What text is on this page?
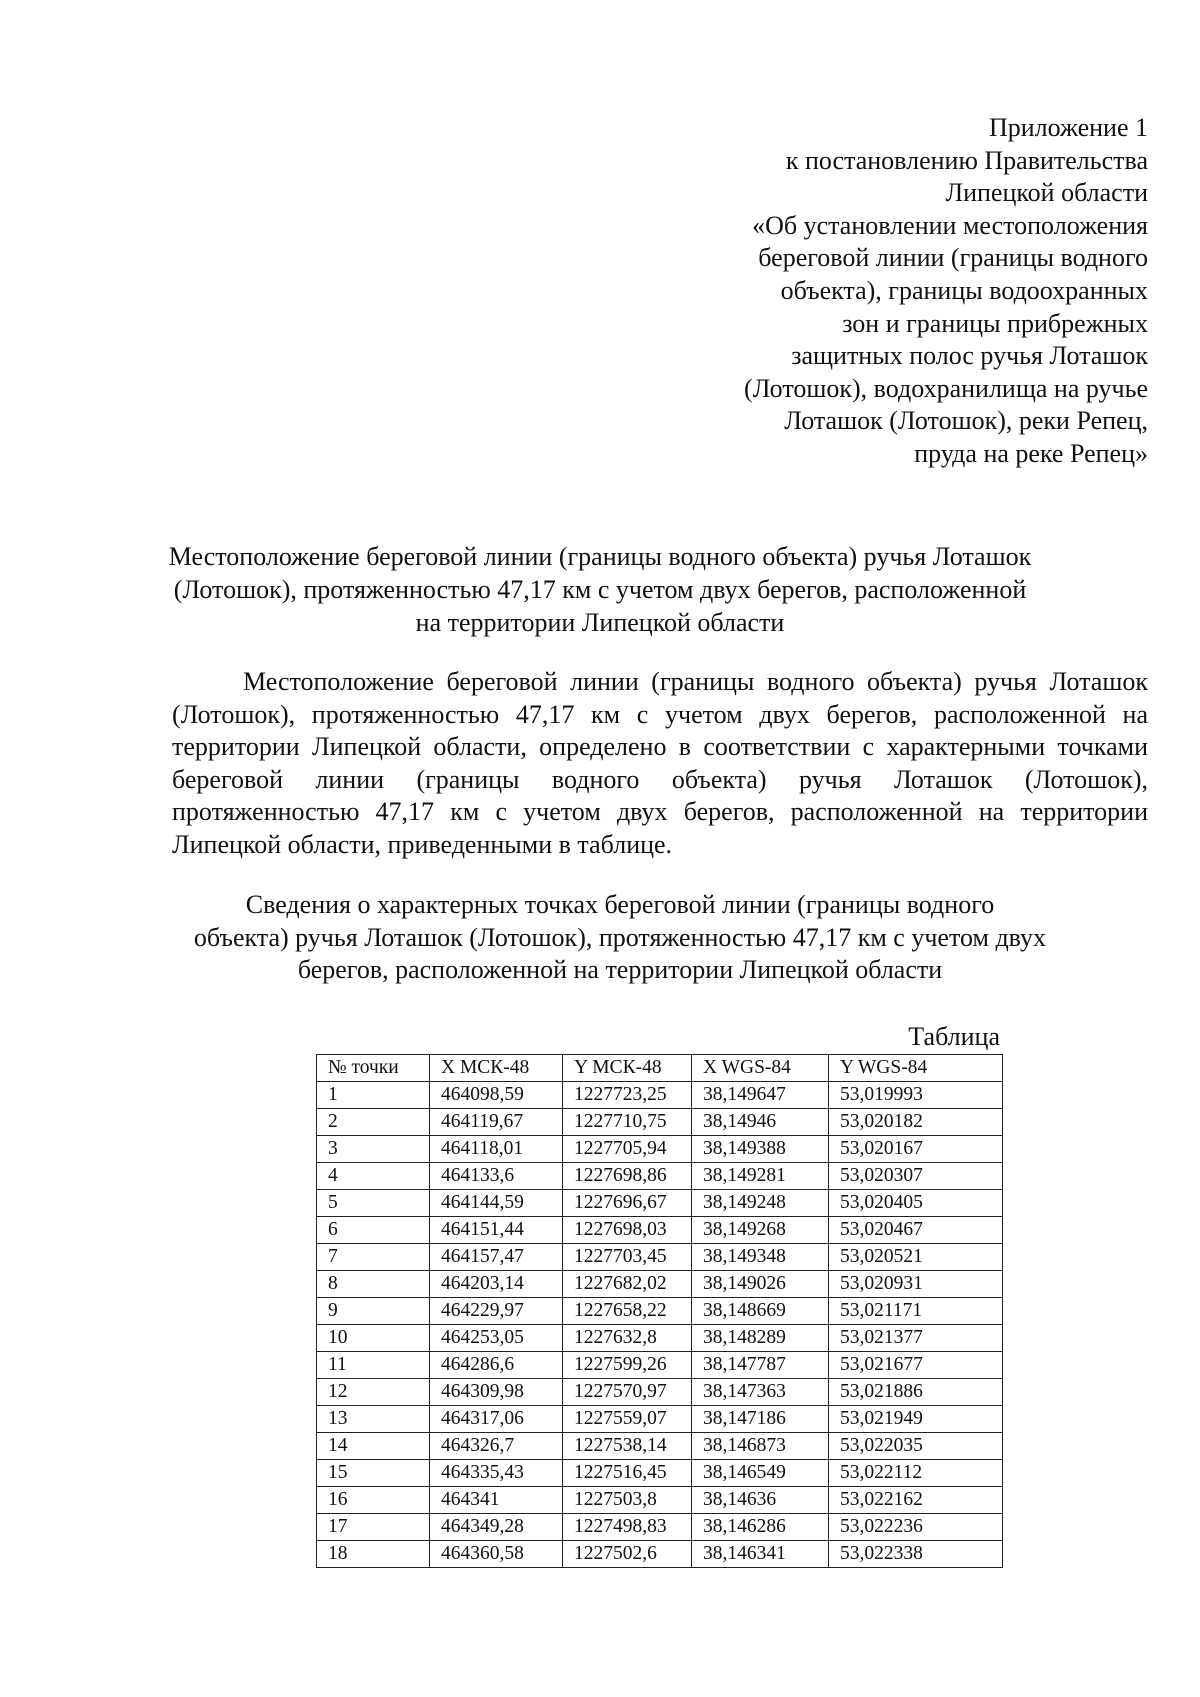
Приложение 1
к постановлению Правительства
Липецкой области
«Об установлении местоположения
береговой линии (границы водного
объекта), границы водоохранных
зон и границы прибрежных
защитных полос ручья Лоташок
(Лотошок), водохранилища на ручье
Лоташок (Лотошок), реки Репец,
пруда на реке Репец»
Местоположение береговой линии (границы водного объекта) ручья Лоташок
(Лотошок), протяженностью 47,17 км с учетом двух берегов, расположенной
на территории Липецкой области
Местоположение береговой линии (границы водного объекта) ручья Лоташок (Лотошок), протяженностью 47,17 км с учетом двух берегов, расположенной на территории Липецкой области, определено в соответствии с характерными точками береговой линии (границы водного объекта) ручья Лоташок (Лотошок), протяженностью 47,17 км с учетом двух берегов, расположенной на территории Липецкой области, приведенными в таблице.
Сведения о характерных точках береговой линии (границы водного
объекта) ручья Лоташок (Лотошок), протяженностью 47,17 км с учетом двух
берегов, расположенной на территории Липецкой области
Таблица
№ точки	X МСК-48	Y МСК-48	X WGS-84	Y WGS-84
1	464098,59	1227723,25	38,149647	53,019993
2	464119,67	1227710,75	38,14946	53,020182
3	464118,01	1227705,94	38,149388	53,020167
4	464133,6	1227698,86	38,149281	53,020307
5	464144,59	1227696,67	38,149248	53,020405
6	464151,44	1227698,03	38,149268	53,020467
7	464157,47	1227703,45	38,149348	53,020521
8	464203,14	1227682,02	38,149026	53,020931
9	464229,97	1227658,22	38,148669	53,021171
10	464253,05	1227632,8	38,148289	53,021377
11	464286,6	1227599,26	38,147787	53,021677
12	464309,98	1227570,97	38,147363	53,021886
13	464317,06	1227559,07	38,147186	53,021949
14	464326,7	1227538,14	38,146873	53,022035
15	464335,43	1227516,45	38,146549	53,022112
16	464341	1227503,8	38,14636	53,022162
17	464349,28	1227498,83	38,146286	53,022236
18	464360,58	1227502,6	38,146341	53,022338
